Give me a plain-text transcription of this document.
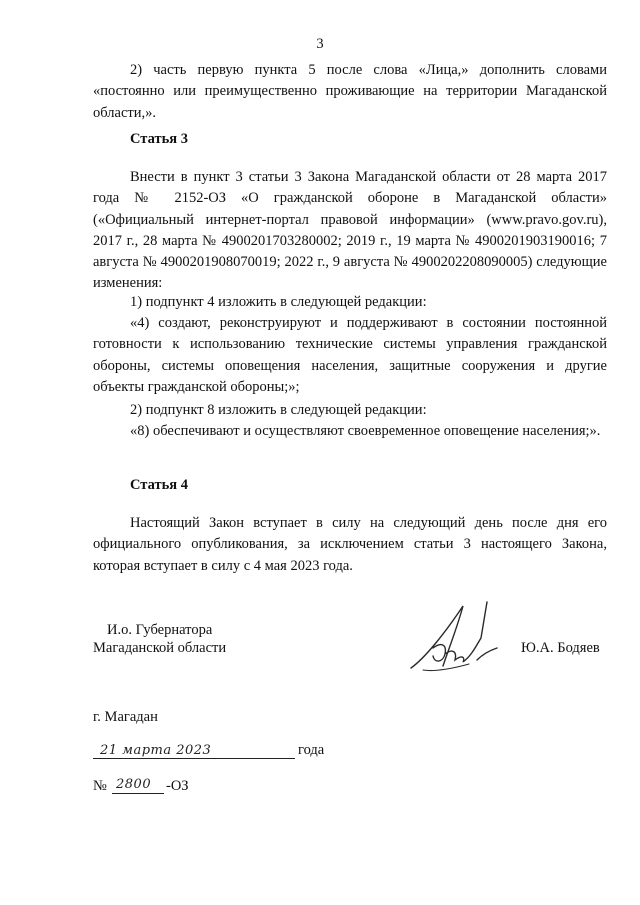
3
2) часть первую пункта 5 после слова «Лица,» дополнить словами «постоянно или преимущественно проживающие на территории Магаданской области,».
Статья 3
Внести в пункт 3 статьи 3 Закона Магаданской области от 28 марта 2017 года № 2152-ОЗ «О гражданской обороне в Магаданской области» («Официальный интернет-портал правовой информации» (www.pravo.gov.ru), 2017 г., 28 марта № 4900201703280002; 2019 г., 19 марта № 4900201903190016; 7 августа № 4900201908070019; 2022 г., 9 августа № 4900202208090005) следующие изменения:
1) подпункт 4 изложить в следующей редакции:
«4) создают, реконструируют и поддерживают в состоянии постоянной готовности к использованию технические системы управления гражданской обороны, системы оповещения населения, защитные сооружения и другие объекты гражданской обороны;»;
2) подпункт 8 изложить в следующей редакции:
«8) обеспечивают и осуществляют своевременное оповещение населения;».
Статья 4
Настоящий Закон вступает в силу на следующий день после дня его официального опубликования, за исключением статьи 3 настоящего Закона, которая вступает в силу с 4 мая 2023 года.
И.о. Губернатора
Магаданской области	Ю.А. Бодяев
г. Магадан
21 марта 2023	года
№ 2800 -ОЗ
